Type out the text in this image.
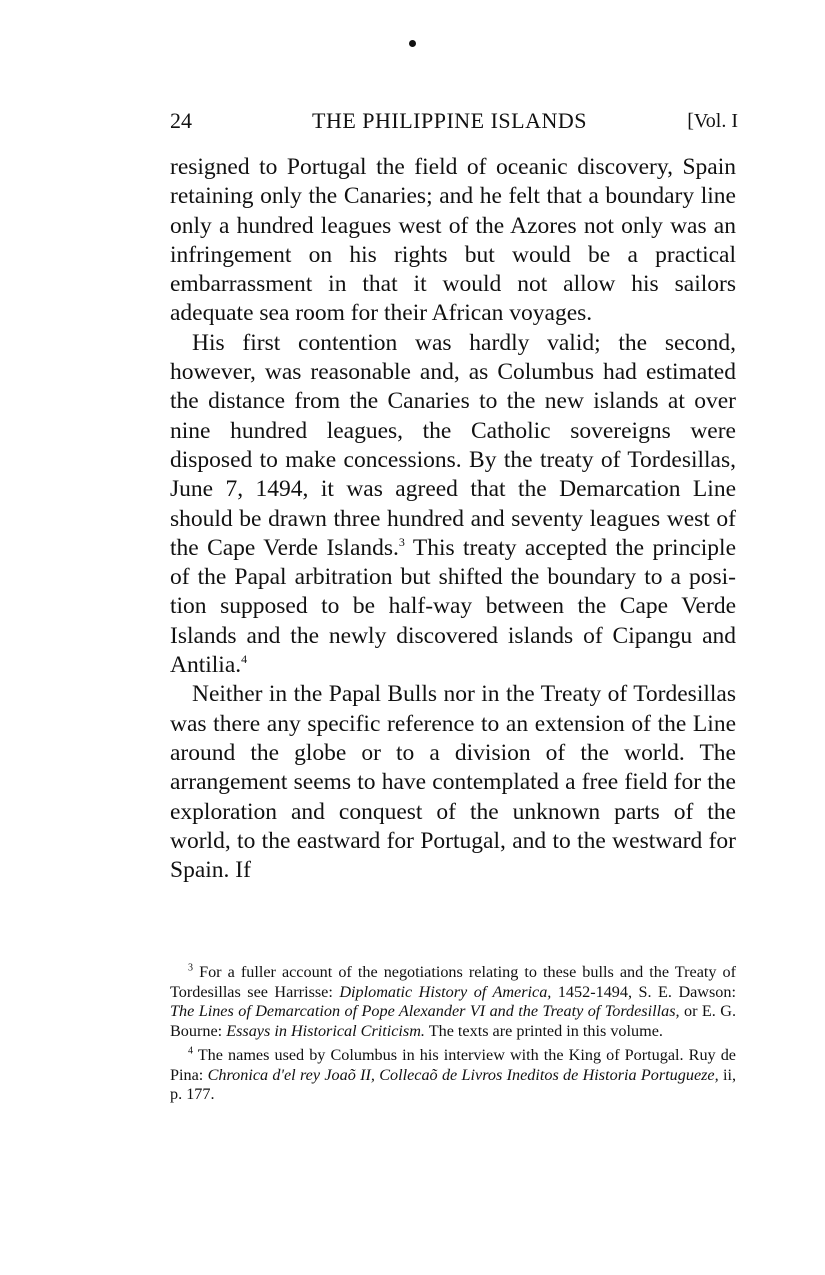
24	THE PHILIPPINE ISLANDS	[Vol. I

resigned to Portugal the field of oceanic discovery, Spain retaining only the Canaries; and he felt that a boundary line only a hundred leagues west of the Azores not only was an infringement on his rights but would be a practical embarrassment in that it would not allow his sailors adequate sea room for their African voyages.

His first contention was hardly valid; the second, however, was reasonable and, as Columbus had estimated the distance from the Canaries to the new islands at over nine hundred leagues, the Catholic sovereigns were disposed to make concessions. By the treaty of Tordesillas, June 7, 1494, it was agreed that the Demarcation Line should be drawn three hundred and seventy leagues west of the Cape Verde Islands.$^3$ This treaty accepted the principle of the Papal arbitration but shifted the boundary to a position supposed to be half-way between the Cape Verde Islands and the newly discovered islands of Cipangu and Antilia.$^4$

Neither in the Papal Bulls nor in the Treaty of Tordesillas was there any specific reference to an extension of the Line around the globe or to a division of the world. The arrangement seems to have contemplated a free field for the exploration and conquest of the unknown parts of the world, to the eastward for Portugal, and to the westward for Spain. If

$^3$ For a fuller account of the negotiations relating to these bulls and the Treaty of Tordesillas see Harrisse: Diplomatic History of America, 1452-1494, S. E. Dawson: The Lines of Demarcation of Pope Alexander VI and the Treaty of Tordesillas, or E. G. Bourne: Essays in Historical Criticism. The texts are printed in this volume.

$^4$ The names used by Columbus in his interview with the King of Portugal. Ruy de Pina: Chronica d'el rey Joaõ II, Collecaõ de Livros Ineditos de Historia Portugueze, ii, p. 177.
